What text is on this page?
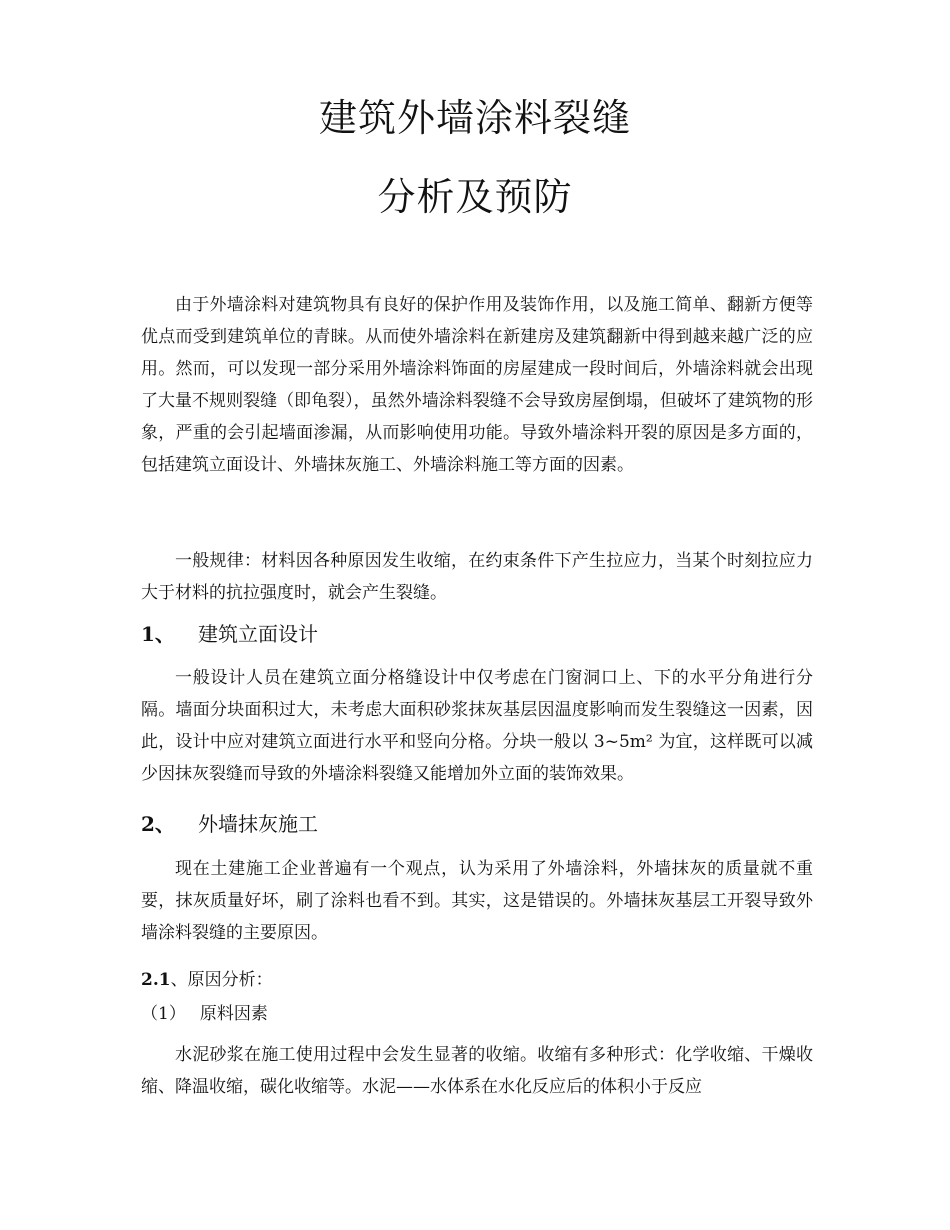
建筑外墙涂料裂缝
分析及预防

由于外墙涂料对建筑物具有良好的保护作用及装饰作用，以及施工简单、翻新方便等优点而受到建筑单位的青睐。从而使外墙涂料在新建房及建筑翻新中得到越来越广泛的应用。然而，可以发现一部分采用外墙涂料饰面的房屋建成一段时间后，外墙涂料就会出现了大量不规则裂缝（即龟裂），虽然外墙涂料裂缝不会导致房屋倒塌，但破坏了建筑物的形象，严重的会引起墙面渗漏，从而影响使用功能。导致外墙涂料开裂的原因是多方面的，包括建筑立面设计、外墙抹灰施工、外墙涂料施工等方面的因素。

一般规律：材料因各种原因发生收缩，在约束条件下产生拉应力，当某个时刻拉应力大于材料的抗拉强度时，就会产生裂缝。

1、	建筑立面设计

一般设计人员在建筑立面分格缝设计中仅考虑在门窗洞口上、下的水平分角进行分隔。墙面分块面积过大，未考虑大面积砂浆抹灰基层因温度影响而发生裂缝这一因素，因此，设计中应对建筑立面进行水平和竖向分格。分块一般以 3~5m² 为宜，这样既可以减少因抹灰裂缝而导致的外墙涂料裂缝又能增加外立面的装饰效果。

2、	外墙抹灰施工

现在土建施工企业普遍有一个观点，认为采用了外墙涂料，外墙抹灰的质量就不重要，抹灰质量好坏，刷了涂料也看不到。其实，这是错误的。外墙抹灰基层工开裂导致外墙涂料裂缝的主要原因。

2.1、原因分析：

（1） 原料因素

水泥砂浆在施工使用过程中会发生显著的收缩。收缩有多种形式：化学收缩、干燥收缩、降温收缩，碳化收缩等。水泥——水体系在水化反应后的体积小于反应
